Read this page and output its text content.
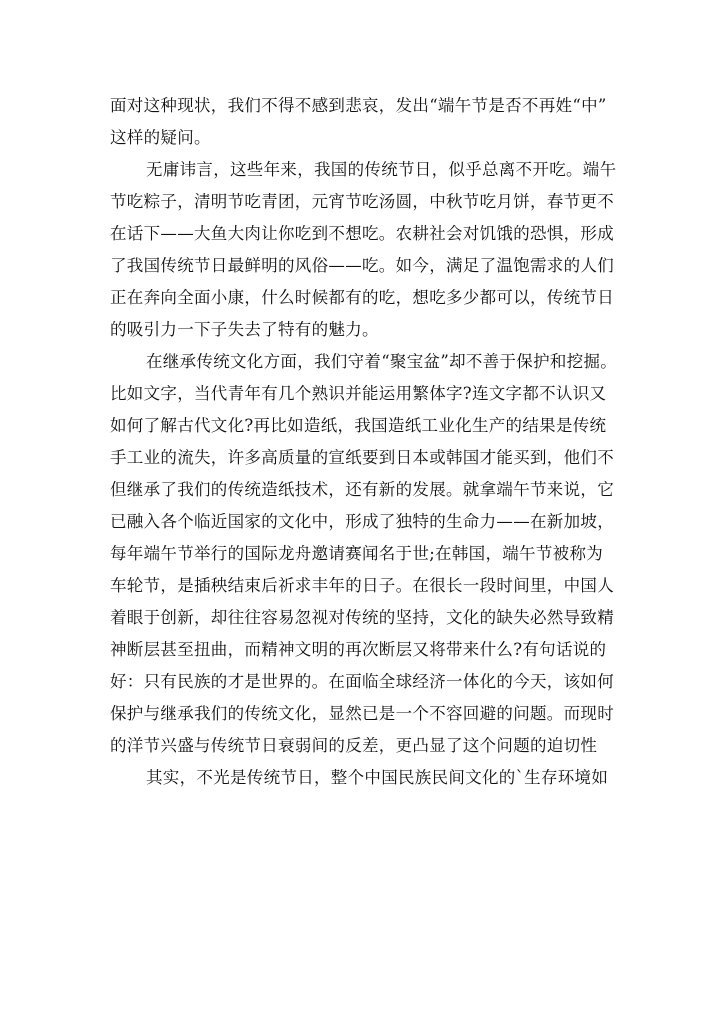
面对这种现状，我们不得不感到悲哀，发出“端午节是否不再姓“中”
这样的疑问。
无庸讳言，这些年来，我国的传统节日，似乎总离不开吃。端午
节吃粽子，清明节吃青团，元宵节吃汤圆，中秋节吃月饼，春节更不
在话下——大鱼大肉让你吃到不想吃。农耕社会对饥饿的恐惧，形成
了我国传统节日最鲜明的风俗——吃。如今，满足了温饱需求的人们
正在奔向全面小康，什么时候都有的吃，想吃多少都可以，传统节日
的吸引力一下子失去了特有的魅力。
在继承传统文化方面，我们守着“聚宝盆”却不善于保护和挖掘。
比如文字，当代青年有几个熟识并能运用繁体字?连文字都不认识又
如何了解古代文化?再比如造纸，我国造纸工业化生产的结果是传统
手工业的流失，许多高质量的宣纸要到日本或韩国才能买到，他们不
但继承了我们的传统造纸技术，还有新的发展。就拿端午节来说，它
已融入各个临近国家的文化中，形成了独特的生命力——在新加坡，
每年端午节举行的国际龙舟邀请赛闻名于世;在韩国，端午节被称为
车轮节，是插秧结束后祈求丰年的日子。在很长一段时间里，中国人
着眼于创新，却往往容易忽视对传统的坚持，文化的缺失必然导致精
神断层甚至扭曲，而精神文明的再次断层又将带来什么?有句话说的
好：只有民族的才是世界的。在面临全球经济一体化的今天，该如何
保护与继承我们的传统文化，显然已是一个不容回避的问题。而现时
的洋节兴盛与传统节日衰弱间的反差，更凸显了这个问题的迫切性
其实，不光是传统节日，整个中国民族民间文化的`生存环境如
